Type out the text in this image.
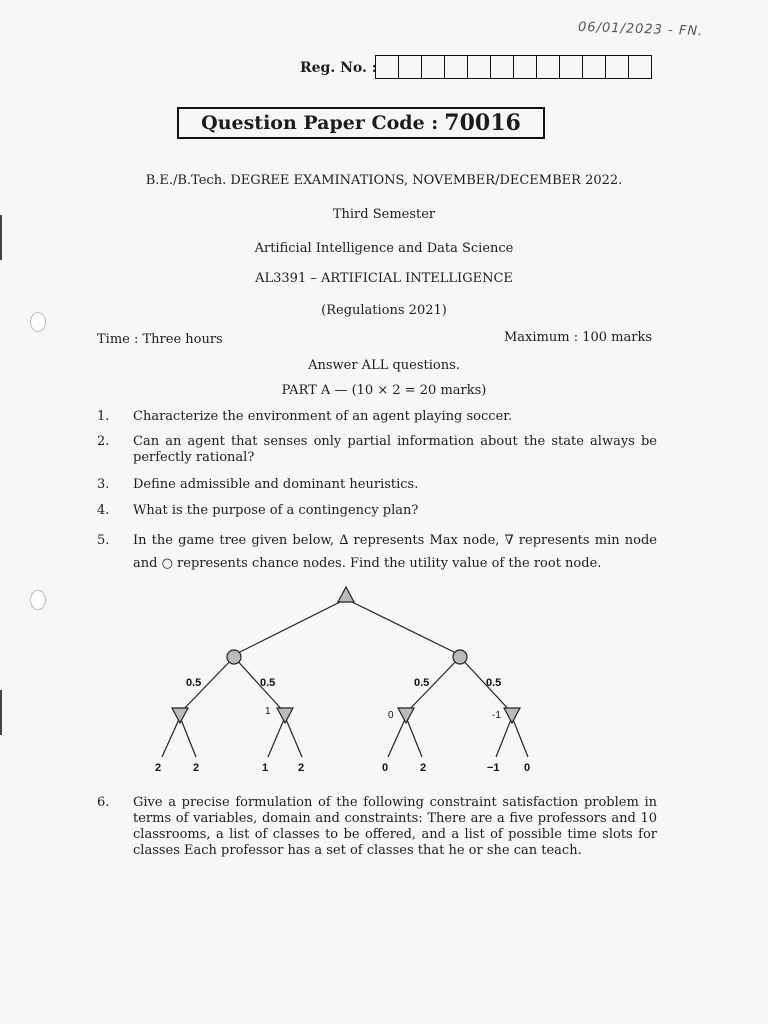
06/01/2023 - FN.
Reg. No. :
Question Paper Code : 70016
B.E./B.Tech. DEGREE EXAMINATIONS, NOVEMBER/DECEMBER 2022.
Third Semester
Artificial Intelligence and Data Science
AL3391 – ARTIFICIAL INTELLIGENCE
(Regulations 2021)
Time : Three hours	Maximum : 100 marks
Answer ALL questions.
PART A — (10 × 2 = 20 marks)
1.	Characterize the environment of an agent playing soccer.
2.	Can an agent that senses only partial information about the state always be perfectly rational?
3.	Define admissible and dominant heuristics.
4.	What is the purpose of a contingency plan?
5.	In the game tree given below, ∆ represents Max node, ∇ represents min node and ○ represents chance nodes. Find the utility value of the root node.
0.5	0.5	0.5	0.5
1	0	-1
2	2	1	2	0	2	−1 0
6.	Give a precise formulation of the following constraint satisfaction problem in terms of variables, domain and constraints: There are a five professors and 10 classrooms, a list of classes to be offered, and a list of possible time slots for classes Each professor has a set of classes that he or she can teach.
